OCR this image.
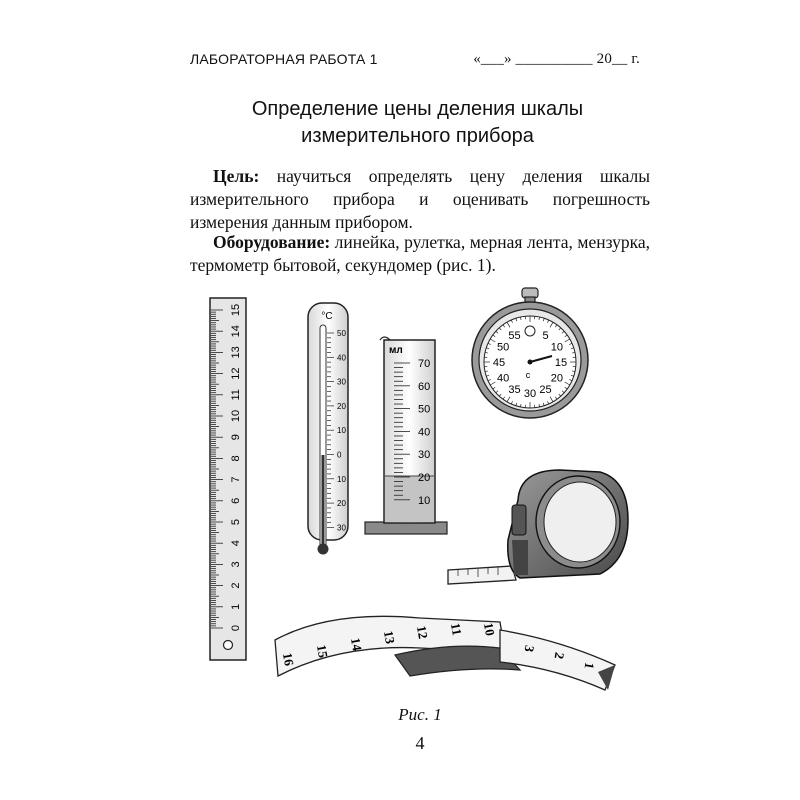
ЛАБОРАТОРНАЯ РАБОТА 1	«___» __________ 20__ г.
Определение цены деления шкалы
измерительного прибора
Цель: научиться определять цену деления шкалы измерительного прибора и оценивать погрешность измерения данным прибором.
Оборудование: линейка, рулетка, мерная лента, мензурка, термометр бытовой, секундомер (рис. 1).
0
1
2
3
4
5
6
7
8
9
10
11
12
13
14
15
°С
50
40
30
20
10
0
10
20
30
мл
70
60
50
40
30
20
10
50
55 5
10
15
20
25
30
35
40
45
с
16
15 14 13 12 11 10
3
2
1
Рис. 1
4
